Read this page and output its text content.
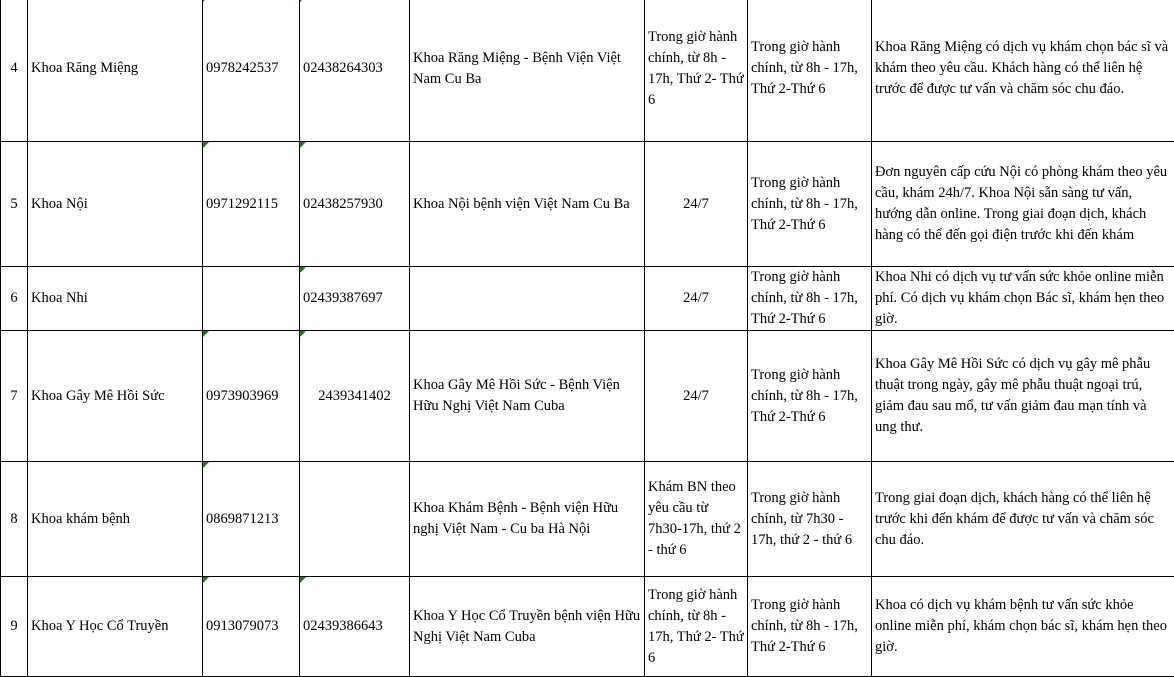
4	Khoa Răng Miệng	0978242537	02438264303	Khoa Răng Miệng - Bệnh Viện Việt Nam Cu Ba	Trong giờ hành chính, từ 8h - 17h, Thứ 2- Thứ 6	Trong giờ hành chính, từ 8h - 17h, Thứ 2-Thứ 6	Khoa Răng Miệng có dịch vụ khám chọn bác sĩ và khám theo yêu cầu. Khách hàng có thể liên hệ trước để được tư vấn và chăm sóc chu đáo.
5	Khoa Nội	0971292115	02438257930	Khoa Nội bệnh viện Việt Nam Cu Ba	24/7	Trong giờ hành chính, từ 8h - 17h, Thứ 2-Thứ 6	Đơn nguyên cấp cứu Nội có phòng khám theo yêu cầu, khám 24h/7. Khoa Nội sẵn sàng tư vấn, hướng dẫn online. Trong giai đoạn dịch, khách hàng có thể đến gọi điện trước khi đến khám
6	Khoa Nhi		02439387697		24/7	Trong giờ hành chính, từ 8h - 17h, Thứ 2-Thứ 6	Khoa Nhi có dịch vụ tư vấn sức khỏe online miễn phí. Có dịch vụ khám chọn Bác sĩ, khám hẹn theo giờ.
7	Khoa Gây Mê Hồi Sức	0973903969	2439341402	Khoa Gây Mê Hồi Sức - Bệnh Viện Hữu Nghị Việt Nam Cuba	24/7	Trong giờ hành chính, từ 8h - 17h, Thứ 2-Thứ 6	Khoa Gây Mê Hồi Sức có dịch vụ gây mê phẫu thuật trong ngày, gây mê phẫu thuật ngoại trú, giảm đau sau mổ, tư vấn giảm đau mạn tính và ung thư.
8	Khoa khám bệnh	0869871213		Khoa Khám Bệnh - Bệnh viện Hữu nghị Việt Nam - Cu ba Hà Nội	Khám BN theo yêu cầu từ 7h30-17h, thứ 2 - thứ 6	Trong giờ hành chính, từ 7h30 - 17h, thứ 2 - thứ 6	Trong giai đoạn dịch, khách hàng có thể liên hệ trước khi đến khám để được tư vấn và chăm sóc chu đáo.
9	Khoa Y Học Cổ Truyền	0913079073	02439386643	Khoa Y Học Cổ Truyền bệnh viện Hữu Nghị Việt Nam Cuba	Trong giờ hành chính, từ 8h - 17h, Thứ 2- Thứ 6	Trong giờ hành chính, từ 8h - 17h, Thứ 2-Thứ 6	Khoa có dịch vụ khám bệnh tư vấn sức khỏe online miễn phí, khám chọn bác sĩ, khám hẹn theo giờ.
